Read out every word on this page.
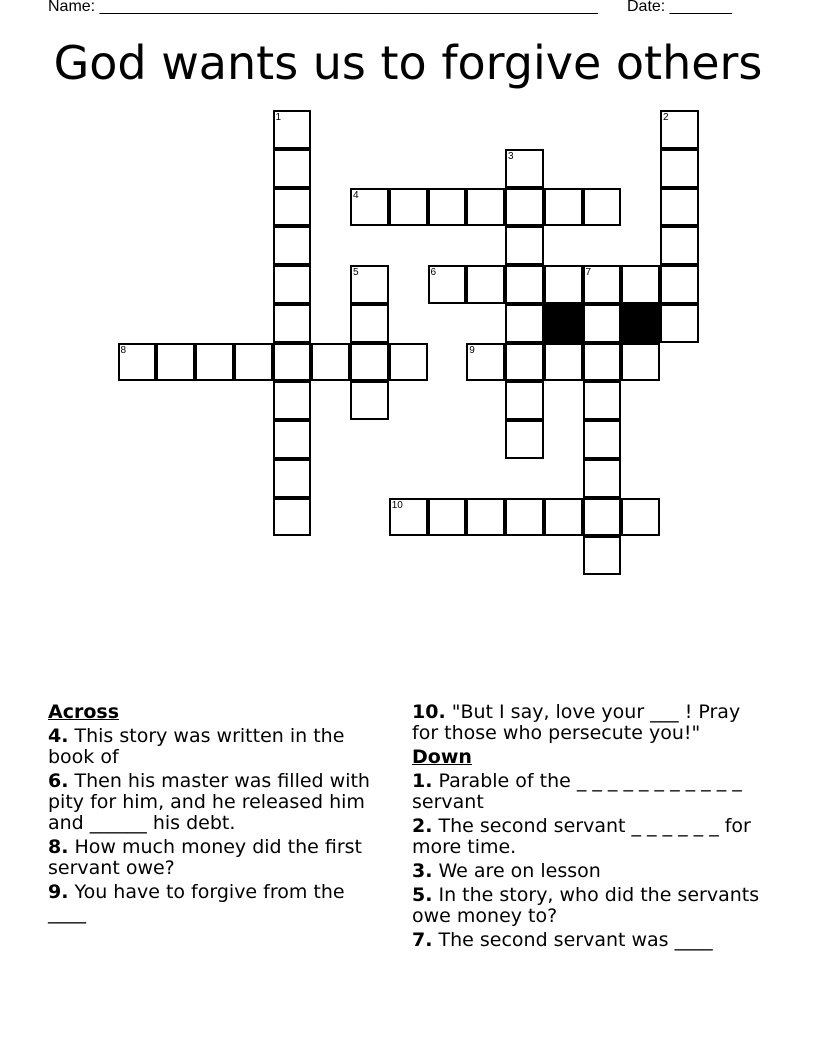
Name: ________________________________________________________ Date: _______
God wants us to forgive others
1	2
3
4
5	6	7
8	9
10
Across
4. This story was written in the book of
6. Then his master was filled with pity for him, and he released him and ______ his debt.
8. How much money did the first servant owe?
9. You have to forgive from the ____
10. "But I say, love your ___ ! Pray for those who persecute you!"
Down
1. Parable of the _ _ _ _ _ _ _ _ _ _ _ servant
2. The second servant _ _ _ _ _ _ for more time.
3. We are on lesson
5. In the story, who did the servants owe money to?
7. The second servant was ____
